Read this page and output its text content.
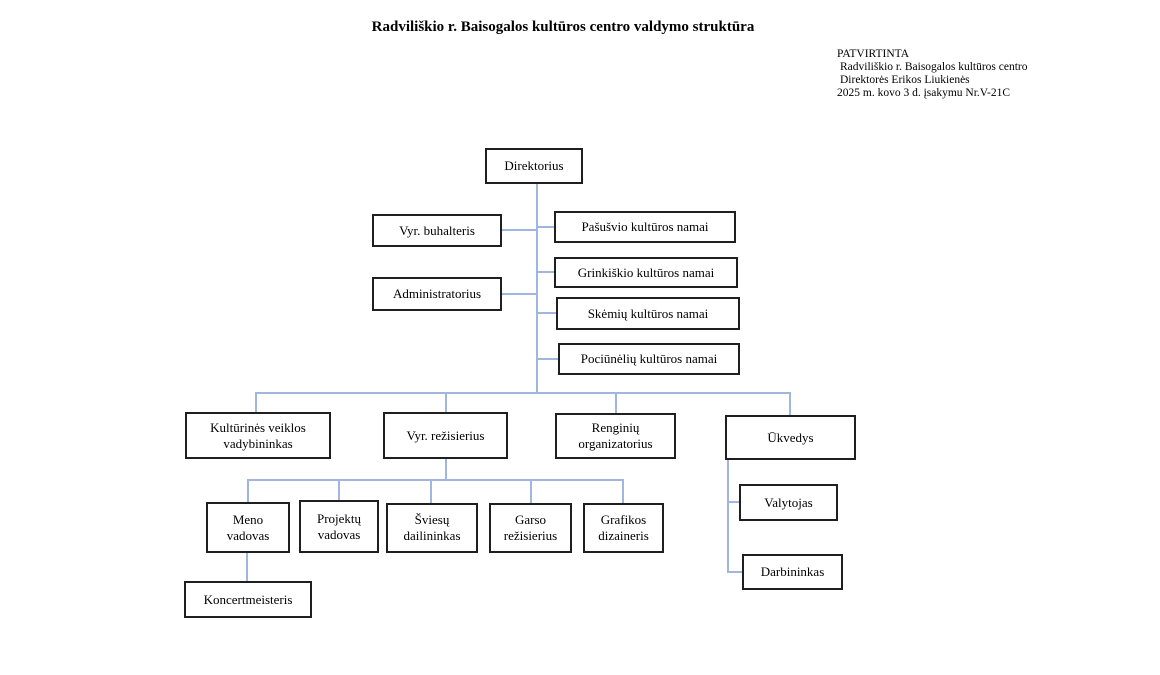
Radviliškio r. Baisogalos kultūros centro valdymo struktūra
PATVIRTINTA
Radviliškio r. Baisogalos kultūros centro
Direktorės Erikos Liukienės
2025 m. kovo 3 d. įsakymu Nr.V-21C
Direktorius
Vyr. buhalteris
Administratorius
Pašušvio kultūros namai
Grinkiškio kultūros namai
Skėmių kultūros namai
Pociūnėlių kultūros namai
Kultūrinės veiklos vadybininkas
Vyr. režisierius	Renginių organizatorius	Ūkvedys
Meno vadovas
Projektų vadovas
Šviesų dailininkas
Garso režisierius
Grafikos dizaineris
Koncertmeisteris
Valytojas
Darbininkas
